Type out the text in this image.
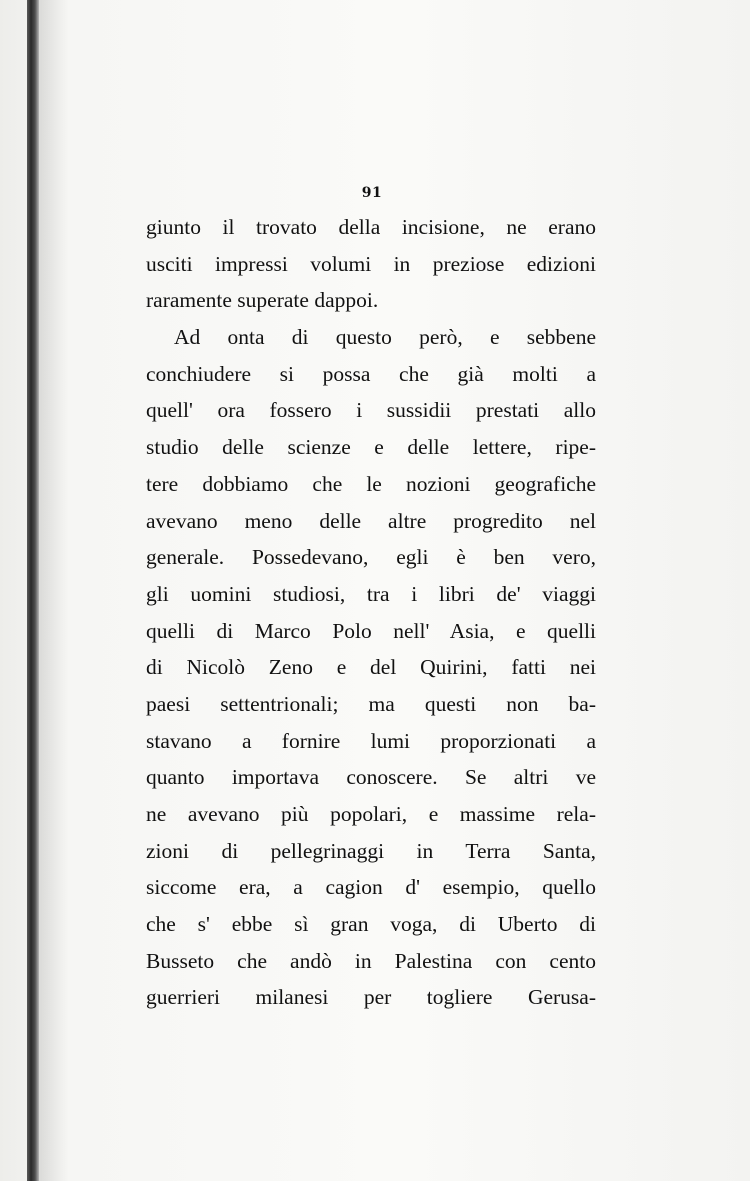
91
giunto il trovato della incisione, ne erano
usciti impressi volumi in preziose edizioni
raramente superate dappoi.
Ad onta di questo però, e sebbene
conchiudere si possa che già molti a
quell' ora fossero i sussidii prestati allo
studio delle scienze e delle lettere, ripe-
tere dobbiamo che le nozioni geografiche
avevano meno delle altre progredito nel
generale. Possedevano, egli è ben vero,
gli uomini studiosi, tra i libri de' viaggi
quelli di Marco Polo nell' Asia, e quelli
di Nicolò Zeno e del Quirini, fatti nei
paesi settentrionali; ma questi non ba-
stavano a fornire lumi proporzionati a
quanto importava conoscere. Se altri ve
ne avevano più popolari, e massime rela-
zioni di pellegrinaggi in Terra Santa,
siccome era, a cagion d' esempio, quello
che s' ebbe sì gran voga, di Uberto di
Busseto che andò in Palestina con cento
guerrieri milanesi per togliere Gerusa-
